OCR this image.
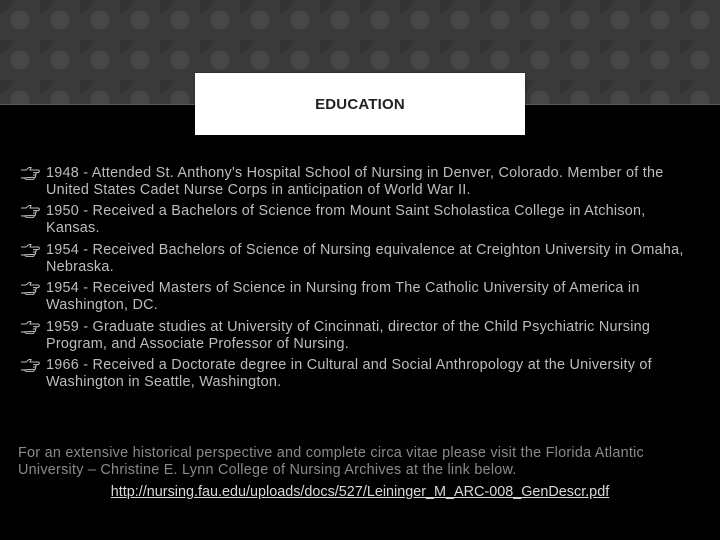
EDUCATION
1948 - Attended St. Anthony's Hospital School of Nursing in Denver, Colorado. Member of the United States Cadet Nurse Corps in anticipation of World War II.
1950 - Received a Bachelors of Science from Mount Saint Scholastica College in Atchison, Kansas.
1954 - Received Bachelors of Science of Nursing equivalence at Creighton University in Omaha, Nebraska.
1954 - Received Masters of Science in Nursing from The Catholic University of America in Washington, DC.
1959 - Graduate studies at University of Cincinnati, director of the Child Psychiatric Nursing Program, and Associate Professor of Nursing.
1966 - Received a Doctorate degree in Cultural and Social Anthropology at the University of Washington in Seattle, Washington.
For an extensive historical perspective and complete circa vitae please visit the Florida Atlantic University – Christine E. Lynn College of Nursing Archives at the link below.
http://nursing.fau.edu/uploads/docs/527/Leininger_M_ARC-008_GenDescr.pdf
